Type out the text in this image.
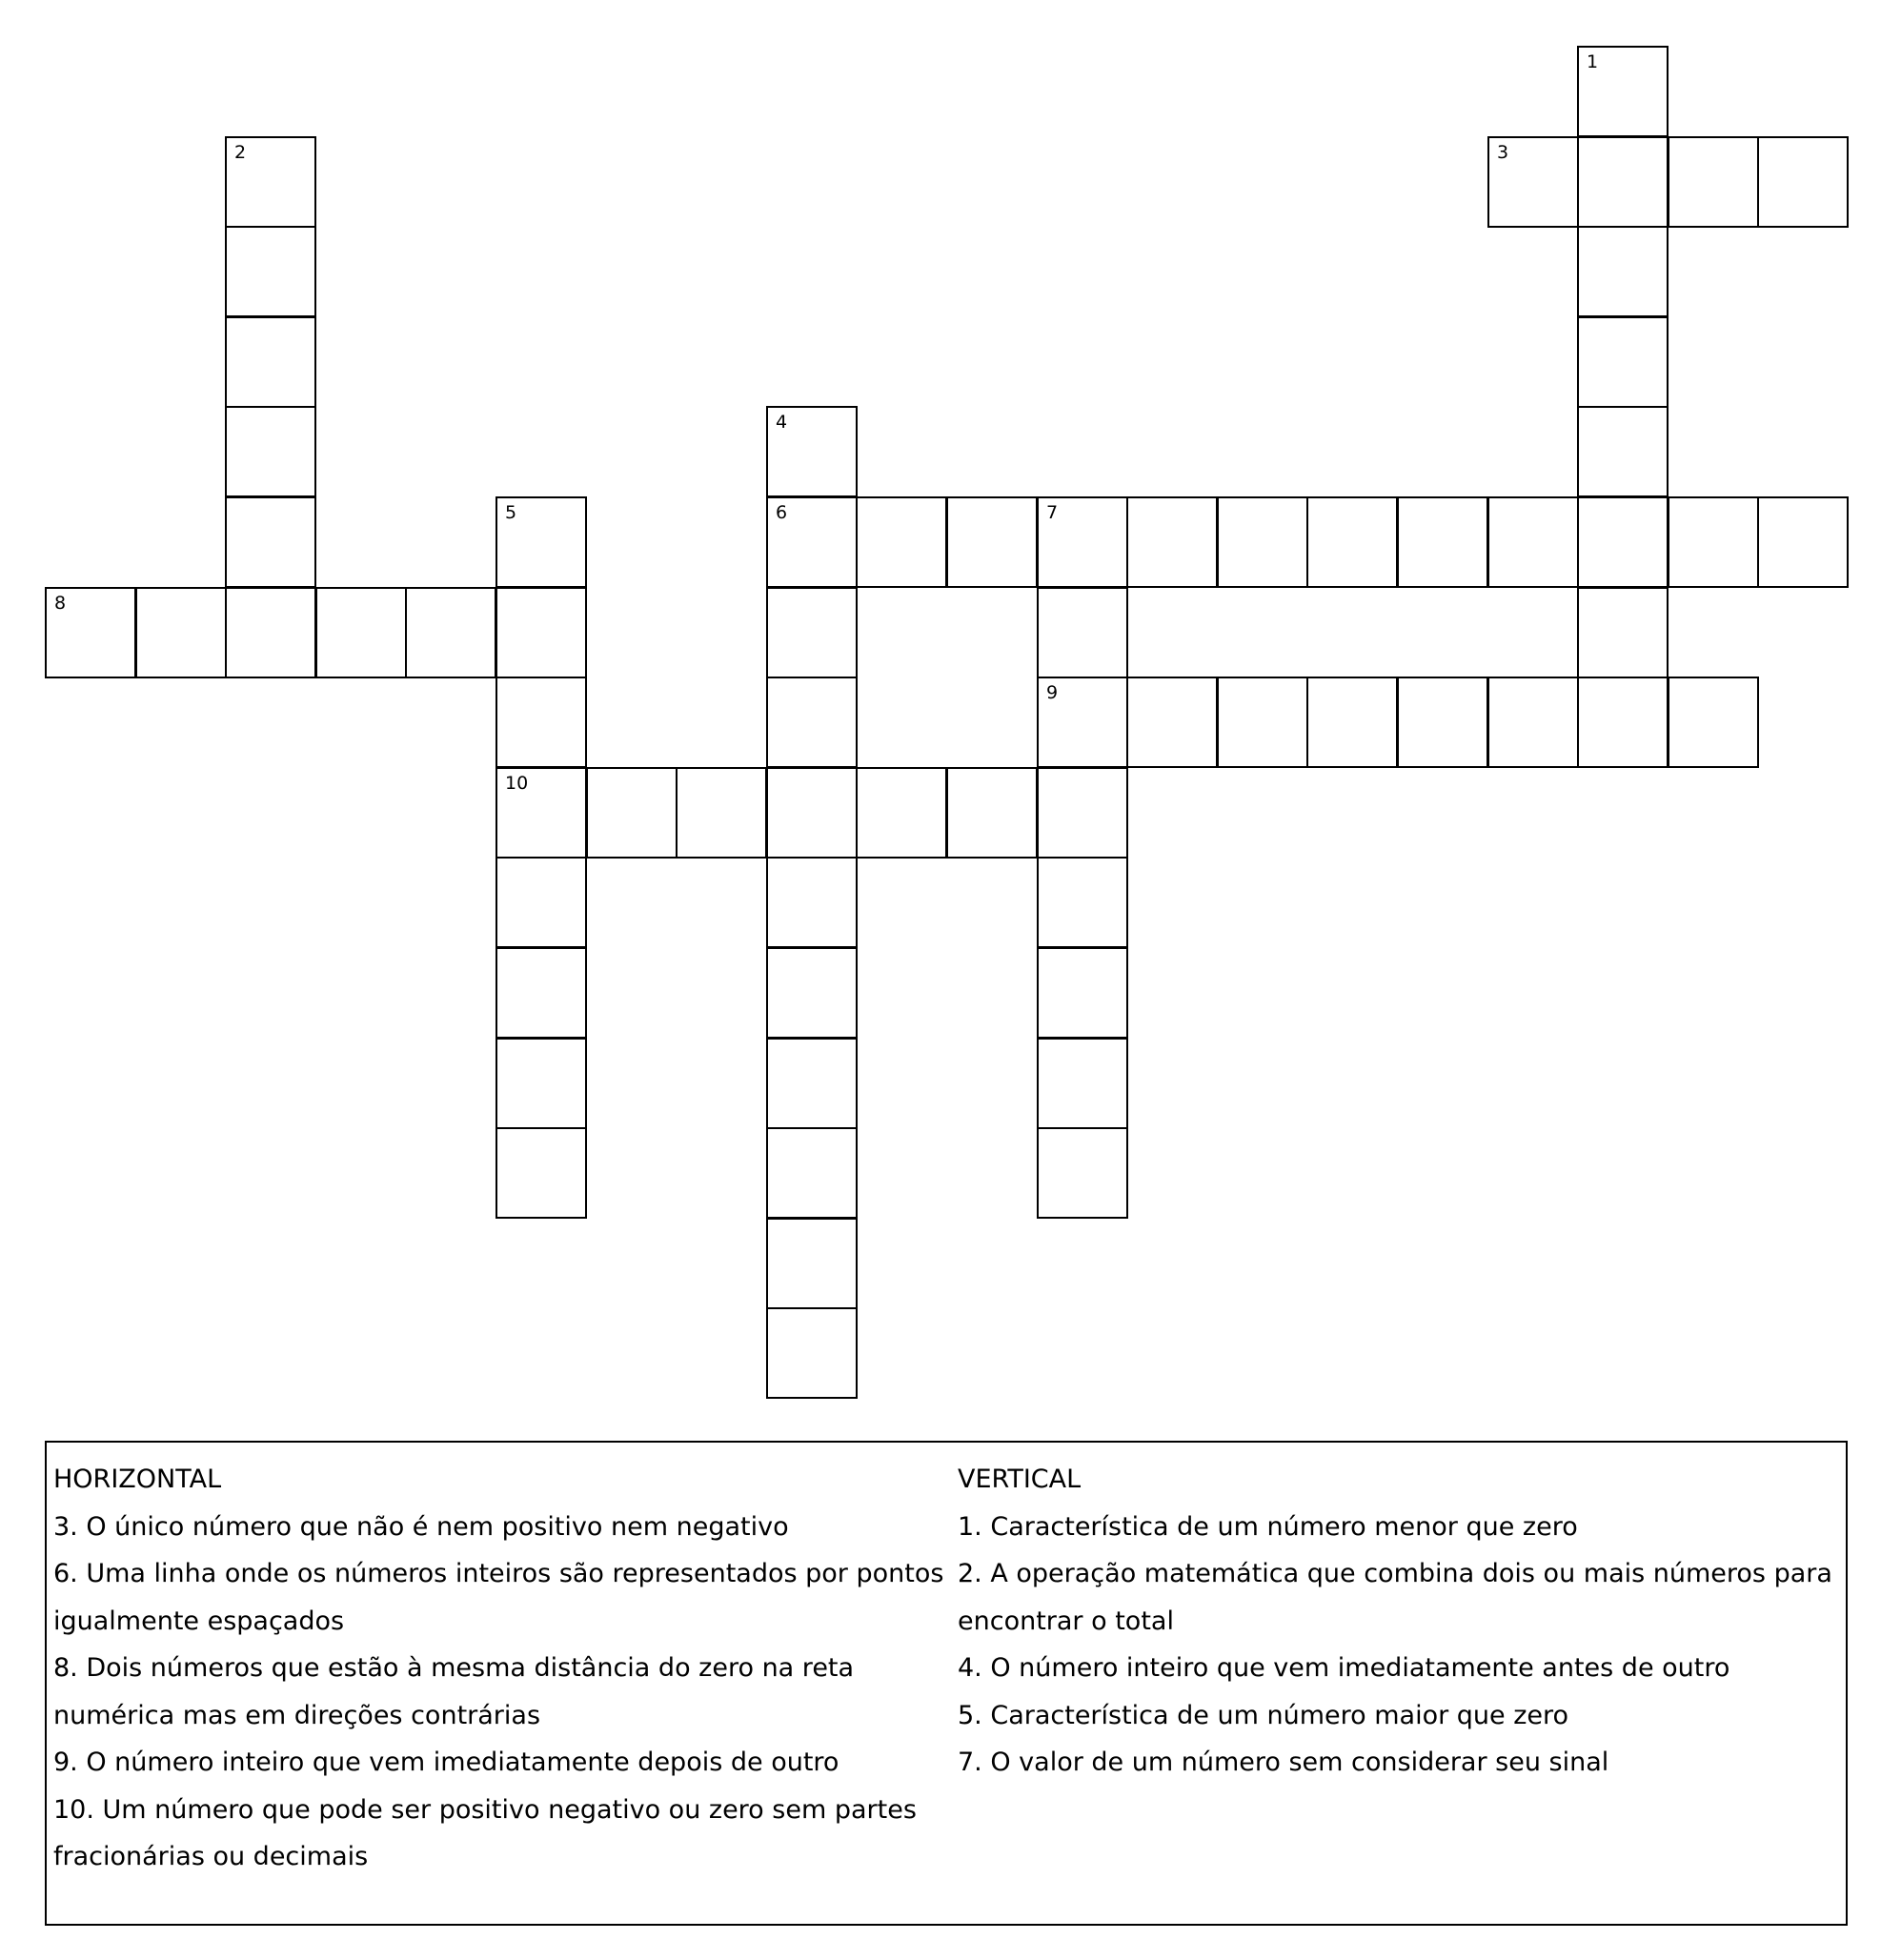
1
2	3
4
6
5
10
7
9
8
HORIZONTAL
3. O único número que não é nem positivo nem negativo
6. Uma linha onde os números inteiros são representados por pontos igualmente espaçados
8. Dois números que estão à mesma distância do zero na reta numérica mas em direções contrárias
9. O número inteiro que vem imediatamente depois de outro
10. Um número que pode ser positivo negativo ou zero sem partes fracionárias ou decimais
VERTICAL
1. Característica de um número menor que zero
2. A operação matemática que combina dois ou mais números para encontrar o total
4. O número inteiro que vem imediatamente antes de outro
5. Característica de um número maior que zero
7. O valor de um número sem considerar seu sinal
